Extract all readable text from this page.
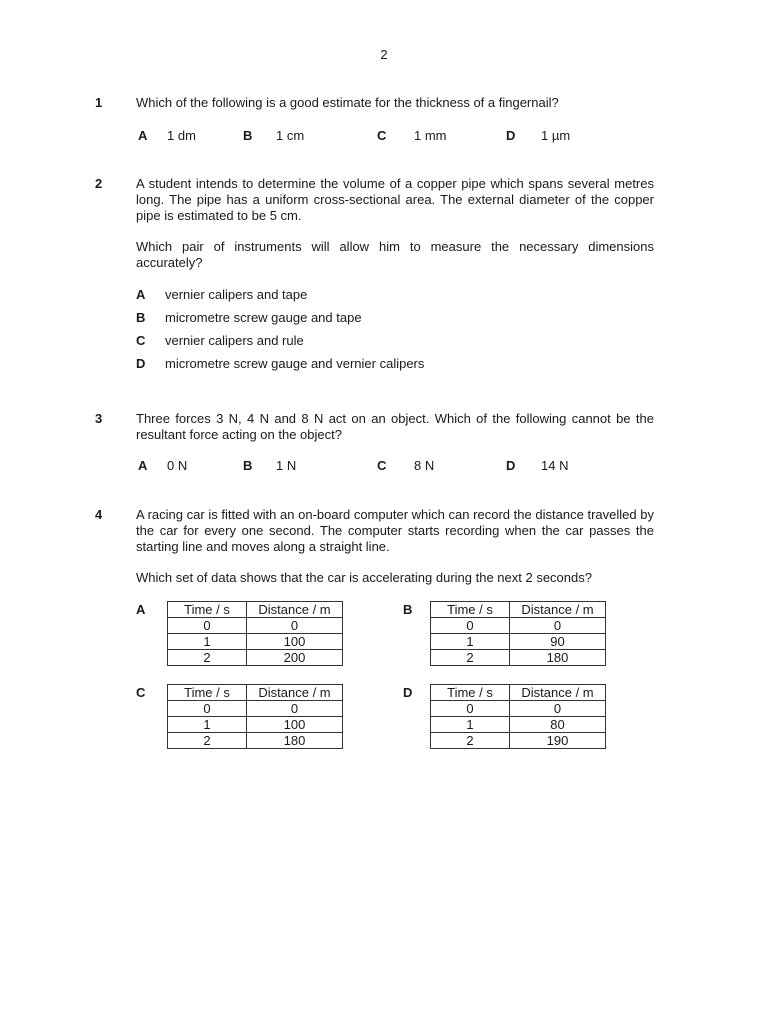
2
1	Which of the following is a good estimate for the thickness of a fingernail?

A 1 dm	B 1 cm	C 1 mm	D 1 µm
2	A student intends to determine the volume of a copper pipe which spans several metres long. The pipe has a uniform cross-sectional area. The external diameter of the copper pipe is estimated to be 5 cm.

Which pair of instruments will allow him to measure the necessary dimensions accurately?

A vernier calipers and tape
B micrometre screw gauge and tape
C vernier calipers and rule
D micrometre screw gauge and vernier calipers
3	Three forces 3 N, 4 N and 8 N act on an object. Which of the following cannot be the resultant force acting on the object?

A 0 N	B 1 N	C 8 N	D 14 N
4	A racing car is fitted with an on-board computer which can record the distance travelled by the car for every one second. The computer starts recording when the car passes the starting line and moves along a straight line.

Which set of data shows that the car is accelerating during the next 2 seconds?

A	Time / s	Distance / m
0	0
1	100
2	200
B	Time / s	Distance / m
0	0
1	90
2	180
C	Time / s	Distance / m
0	0
1	100
2	180
D	Time / s	Distance / m
0	0
1	80
2	190
